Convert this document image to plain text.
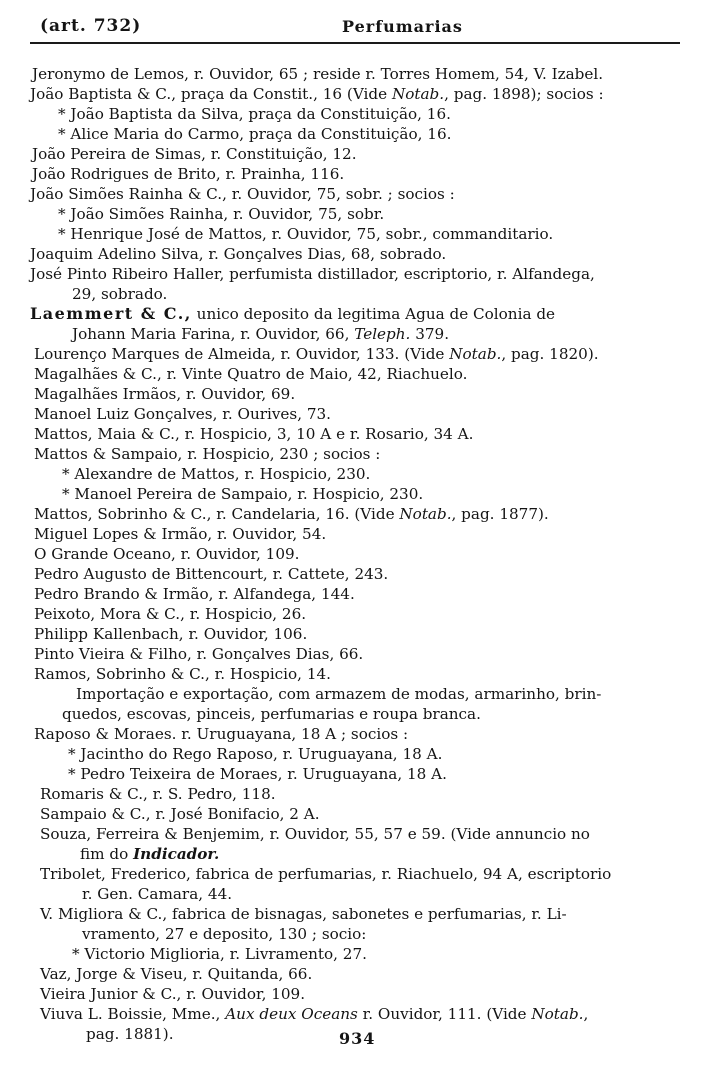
(art. 732)	Perfumarias
Jeronymo de Lemos, r. Ouvidor, 65 ; reside r. Torres Homem, 54, V. Izabel.
João Baptista & C., praça da Constit., 16 (Vide Notab., pag. 1898); socios :
* João Baptista da Silva, praça da Constituição, 16.
* Alice Maria do Carmo, praça da Constituição, 16.
João Pereira de Simas, r. Constituição, 12.
João Rodrigues de Brito, r. Prainha, 116.
João Simões Rainha & C., r. Ouvidor, 75, sobr. ; socios :
* João Simões Rainha, r. Ouvidor, 75, sobr.
* Henrique José de Mattos, r. Ouvidor, 75, sobr., commanditario.
Joaquim Adelino Silva, r. Gonçalves Dias, 68, sobrado.
José Pinto Ribeiro Haller, perfumista distillador, escriptorio, r. Alfandega,
29, sobrado.
Laemmert & C., unico deposito da legitima Agua de Colonia de
Johann Maria Farina, r. Ouvidor, 66, Teleph. 379.
Lourenço Marques de Almeida, r. Ouvidor, 133. (Vide Notab., pag. 1820).
Magalhães & C., r. Vinte Quatro de Maio, 42, Riachuelo.
Magalhães Irmãos, r. Ouvidor, 69.
Manoel Luiz Gonçalves, r. Ourives, 73.
Mattos, Maia & C., r. Hospicio, 3, 10 A e r. Rosario, 34 A.
Mattos & Sampaio, r. Hospicio, 230 ; socios :
* Alexandre de Mattos, r. Hospicio, 230.
* Manoel Pereira de Sampaio, r. Hospicio, 230.
Mattos, Sobrinho & C., r. Candelaria, 16. (Vide Notab., pag. 1877).
Miguel Lopes & Irmão, r. Ouvidor, 54.
O Grande Oceano, r. Ouvidor, 109.
Pedro Augusto de Bittencourt, r. Cattete, 243.
Pedro Brando & Irmão, r. Alfandega, 144.
Peixoto, Mora & C., r. Hospicio, 26.
Philipp Kallenbach, r. Ouvidor, 106.
Pinto Vieira & Filho, r. Gonçalves Dias, 66.
Ramos, Sobrinho & C., r. Hospicio, 14.
Importação e exportação, com armazem de modas, armarinho, brin-
quedos, escovas, pinceis, perfumarias e roupa branca.
Raposo & Moraes. r. Uruguayana, 18 A ; socios :
* Jacintho do Rego Raposo, r. Uruguayana, 18 A.
* Pedro Teixeira de Moraes, r. Uruguayana, 18 A.
Romaris & C., r. S. Pedro, 118.
Sampaio & C., r. José Bonifacio, 2 A.
Souza, Ferreira & Benjemim, r. Ouvidor, 55, 57 e 59. (Vide annuncio no
fim do Indicador.
Tribolet, Frederico, fabrica de perfumarias, r. Riachuelo, 94 A, escriptorio
r. Gen. Camara, 44.
V. Migliora & C., fabrica de bisnagas, sabonetes e perfumarias, r. Li-
vramento, 27 e deposito, 130 ; socio:
* Victorio Miglioria, r. Livramento, 27.
Vaz, Jorge & Viseu, r. Quitanda, 66.
Vieira Junior & C., r. Ouvidor, 109.
Viuva L. Boissie, Mme., Aux deux Oceans r. Ouvidor, 111. (Vide Notab.,
pag. 1881).	934
